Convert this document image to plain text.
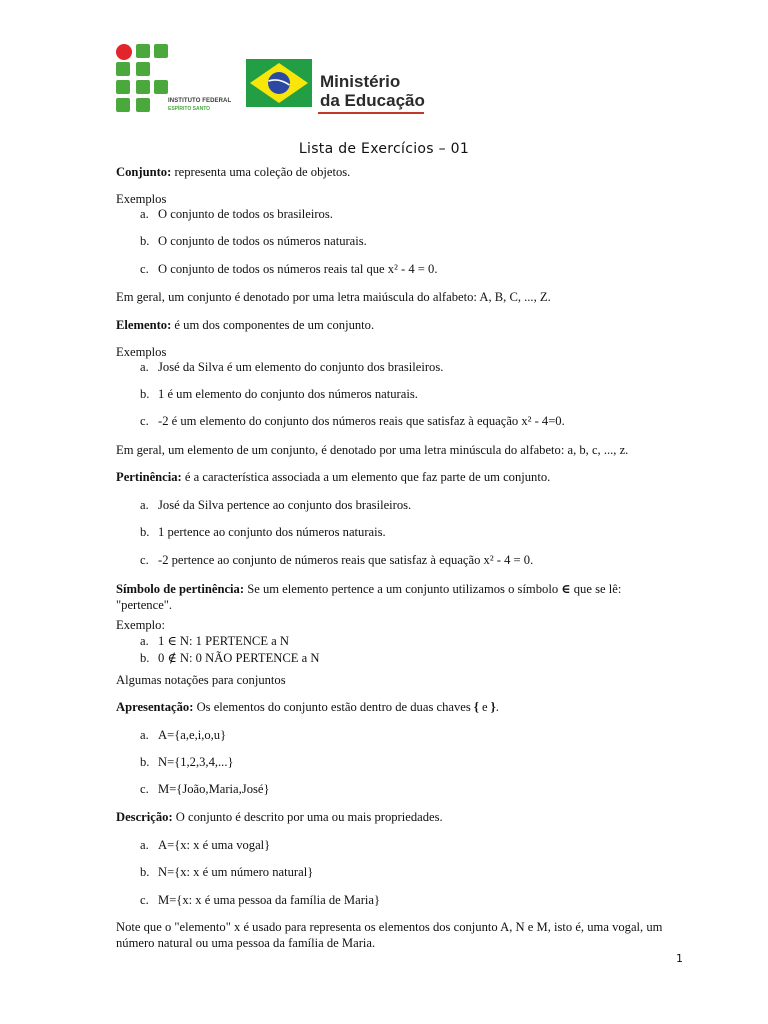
INSTITUTO FEDERAL
ESPÍRITO SANTO
Ministério
da Educação
Lista de Exercícios – 01
Conjunto: representa uma coleção de objetos.
Exemplos
a. O conjunto de todos os brasileiros.
b. O conjunto de todos os números naturais.
c. O conjunto de todos os números reais tal que x² - 4 = 0.
Em geral, um conjunto é denotado por uma letra maiúscula do alfabeto: A, B, C, ..., Z.
Elemento: é um dos componentes de um conjunto.
Exemplos
a. José da Silva é um elemento do conjunto dos brasileiros.
b. 1 é um elemento do conjunto dos números naturais.
c. -2 é um elemento do conjunto dos números reais que satisfaz à equação x² - 4=0.
Em geral, um elemento de um conjunto, é denotado por uma letra minúscula do alfabeto: a, b, c, ..., z.
Pertinência: é a característica associada a um elemento que faz parte de um conjunto.
a. José da Silva pertence ao conjunto dos brasileiros.
b. 1 pertence ao conjunto dos números naturais.
c. -2 pertence ao conjunto de números reais que satisfaz à equação x² - 4 = 0.
Símbolo de pertinência: Se um elemento pertence a um conjunto utilizamos o símbolo ∈ que se lê:
"pertence".
Exemplo:
a. 1 ∈ N: 1 PERTENCE a N
b. 0 ∉ N: 0 NÃO PERTENCE a N
Algumas notações para conjuntos
Apresentação: Os elementos do conjunto estão dentro de duas chaves { e }.
a. A={a,e,i,o,u}
b. N={1,2,3,4,...}
c. M={João,Maria,José}
Descrição: O conjunto é descrito por uma ou mais propriedades.
a. A={x: x é uma vogal}
b. N={x: x é um número natural}
c. M={x: x é uma pessoa da família de Maria}
Note que o "elemento" x é usado para representa os elementos dos conjunto A, N e M, isto é, uma vogal, um
número natural ou uma pessoa da família de Maria.
1
